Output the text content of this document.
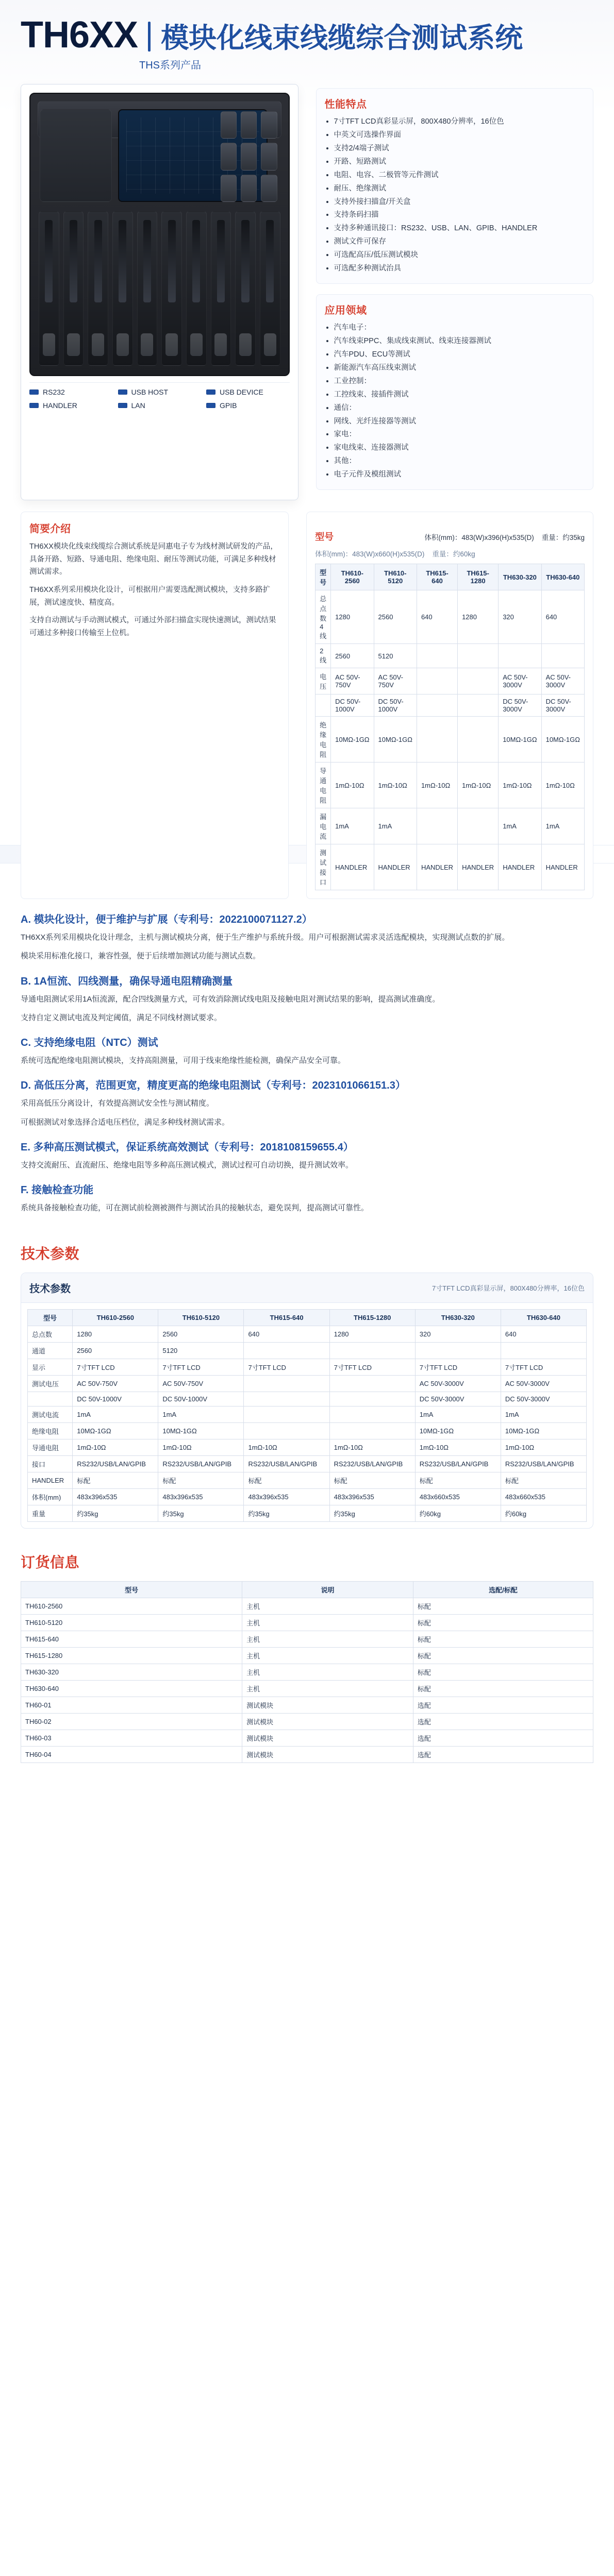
TH6XX 模块化线束线缆综合测试系统
THS系列产品
RS232	USB HOST	USB DEVICE
HANDLER	LAN	GPIB
性能特点
• 7寸TFT LCD真彩显示屏，800X480分辨率，16位色
• 中英文可选操作界面
• 支持2/4端子测试
• 开路、短路测试
• 电阻、电容、二极管等元件测试
• 耐压、绝缘测试
• 支持外接扫描盒/开关盒
• 支持条码扫描
• 支持多种通讯接口：RS232、USB、LAN、GPIB、HANDLER
• 测试文件可保存
• 可选配高压/低压测试模块
• 可选配多种测试治具
应用领域
• 汽车电子：
• 汽车线束PPC、集成线束测试、线束连接器测试
• 汽车PDU、ECU等测试
• 新能源汽车高压线束测试
• 工业控制：
• 工控线束、接插件测试
• 通信：
• 网线、光纤连接器等测试
• 家电：
• 家电线束、连接器测试
• 其他：
• 电子元件及模组测试
简要介绍

TH6XX模块化线束线缆综合测试系统是同惠电子专为线材测试研发的产品，具备开路、短路、导通电阻、绝缘电阻、耐压等测试功能，可满足多种线材测试需求。

TH6XX系列采用模块化设计，可根据用户需要选配测试模块，支持多路扩展，测试速度快、精度高。

支持自动测试与手动测试模式，可通过外部扫描盒实现快速测试，测试结果可通过多种接口传输至上位机。

型号	体积(mm)：483(W)x396(H)x535(D) 重量：约35kg
体积(mm)：483(W)x660(H)x535(D) 重量：约60kg
型号	TH610-2560	TH610-5120	TH615-640	TH615-1280	TH630-320	TH630-640
总点数 4线	1280	2560	640	1280	320	640
2线	2560	5120				
电压	AC 50V-750V	AC 50V-750V			AC 50V-3000V	AC 50V-3000V
	DC 50V-1000V	DC 50V-1000V			DC 50V-3000V	DC 50V-3000V
绝缘电阻	10MΩ-1GΩ	10MΩ-1GΩ			10MΩ-1GΩ	10MΩ-1GΩ
导通电阻	1mΩ-10Ω	1mΩ-10Ω	1mΩ-10Ω	1mΩ-10Ω	1mΩ-10Ω	1mΩ-10Ω
漏电流	1mA	1mA			1mA	1mA
测试接口	HANDLER	HANDLER	HANDLER	HANDLER	HANDLER	HANDLER
A. 模块化设计，便于维护与扩展（专利号：2022100071127.2）

TH6XX系列采用模块化设计理念，主机与测试模块分离，便于生产维护与系统升级。用户可根据测试需求灵活选配模块，实现测试点数的扩展。

模块采用标准化接口，兼容性强，便于后续增加测试功能与测试点数。

B. 1A恒流、四线测量，确保导通电阻精确测量

导通电阻测试采用1A恒流源，配合四线测量方式，可有效消除测试线电阻及接触电阻对测试结果的影响，提高测试准确度。

支持自定义测试电流及判定阈值，满足不同线材测试要求。

C. 支持绝缘电阻（NTC）测试

系统可选配绝缘电阻测试模块，支持高阻测量，可用于线束绝缘性能检测，确保产品安全可靠。

D. 高低压分离，范围更宽，精度更高的绝缘电阻测试（专利号：2023101066151.3）

采用高低压分离设计，有效提高测试安全性与测试精度。

可根据测试对象选择合适电压档位，满足多种线材测试需求。

E. 多种高压测试模式，保证系统高效测试（专利号：2018108159655.4）

支持交流耐压、直流耐压、绝缘电阻等多种高压测试模式，测试过程可自动切换，提升测试效率。

F. 接触检查功能

系统具备接触检查功能，可在测试前检测被测件与测试治具的接触状态，避免误判，提高测试可靠性。

技术参数
技术参数	7寸TFT LCD真彩显示屏，800X480分辨率，16位色
型号	TH610-2560	TH610-5120	TH615-640	TH615-1280	TH630-320	TH630-640
总点数	1280	2560	640	1280	320	640
通道	2560	5120				
显示	7寸TFT LCD	7寸TFT LCD	7寸TFT LCD	7寸TFT LCD	7寸TFT LCD	7寸TFT LCD
测试电压	AC 50V-750V	AC 50V-750V			AC 50V-3000V	AC 50V-3000V
	DC 50V-1000V	DC 50V-1000V			DC 50V-3000V	DC 50V-3000V
测试电流	1mA	1mA			1mA	1mA
绝缘电阻	10MΩ-1GΩ	10MΩ-1GΩ			10MΩ-1GΩ	10MΩ-1GΩ
导通电阻	1mΩ-10Ω	1mΩ-10Ω	1mΩ-10Ω	1mΩ-10Ω	1mΩ-10Ω	1mΩ-10Ω
接口	RS232/USB/LAN/GPIB	RS232/USB/LAN/GPIB	RS232/USB/LAN/GPIB	RS232/USB/LAN/GPIB	RS232/USB/LAN/GPIB	RS232/USB/LAN/GPIB
HANDLER	标配	标配	标配	标配	标配	标配
体积(mm)	483x396x535	483x396x535	483x396x535	483x396x535	483x660x535	483x660x535
重量	约35kg	约35kg	约35kg	约35kg	约60kg	约60kg
订货信息
型号	说明	选配/标配
TH610-2560	主机	标配
TH610-5120	主机	标配
TH615-640	主机	标配
TH615-1280	主机	标配
TH630-320	主机	标配
TH630-640	主机	标配
TH60-01	测试模块	选配
TH60-02	测试模块	选配
TH60-03	测试模块	选配
TH60-04	测试模块	选配
